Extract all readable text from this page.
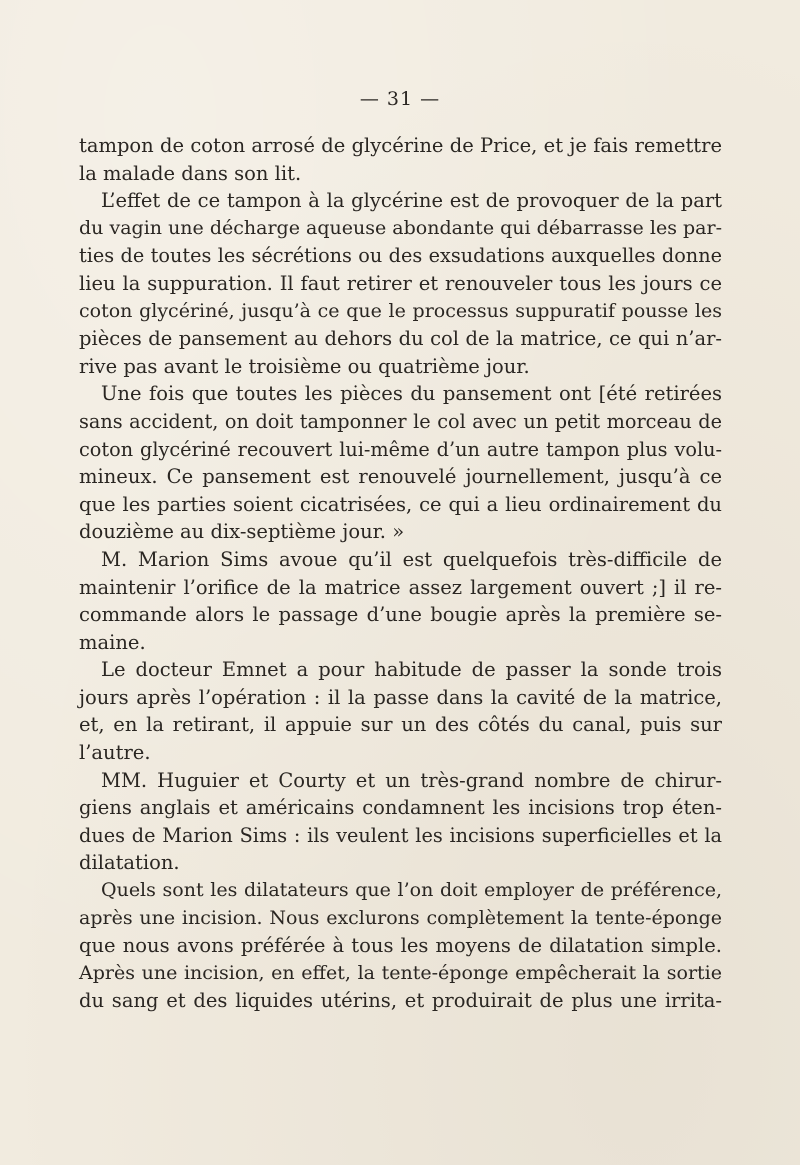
— 31 —
tampon de coton arrosé de glycérine de Price, et je fais remettre
la malade dans son lit.
L’effet de ce tampon à la glycérine est de provoquer de la part
du vagin une décharge aqueuse abondante qui débarrasse les par-
ties de toutes les sécrétions ou des exsudations auxquelles donne
lieu la suppuration. Il faut retirer et renouveler tous les jours ce
coton glycériné, jusqu’à ce que le processus suppuratif pousse les
pièces de pansement au dehors du col de la matrice, ce qui n’ar-
rive pas avant le troisième ou quatrième jour.
Une fois que toutes les pièces du pansement ont [été retirées
sans accident, on doit tamponner le col avec un petit morceau de
coton glycériné recouvert lui-même d’un autre tampon plus volu-
mineux. Ce pansement est renouvelé journellement, jusqu’à ce
que les parties soient cicatrisées, ce qui a lieu ordinairement du
douzième au dix-septième jour. »
M. Marion Sims avoue qu’il est quelquefois très-difficile de
maintenir l’orifice de la matrice assez largement ouvert ;] il re-
commande alors le passage d’une bougie après la première se-
maine.
Le docteur Emnet a pour habitude de passer la sonde trois
jours après l’opération : il la passe dans la cavité de la matrice,
et, en la retirant, il appuie sur un des côtés du canal, puis sur
l’autre.
MM. Huguier et Courty et un très-grand nombre de chirur-
giens anglais et américains condamnent les incisions trop éten-
dues de Marion Sims : ils veulent les incisions superficielles et la
dilatation.
Quels sont les dilatateurs que l’on doit employer de préférence,
après une incision. Nous exclurons complètement la tente-éponge
que nous avons préférée à tous les moyens de dilatation simple.
Après une incision, en effet, la tente-éponge empêcherait la sortie
du sang et des liquides utérins, et produirait de plus une irrita-
